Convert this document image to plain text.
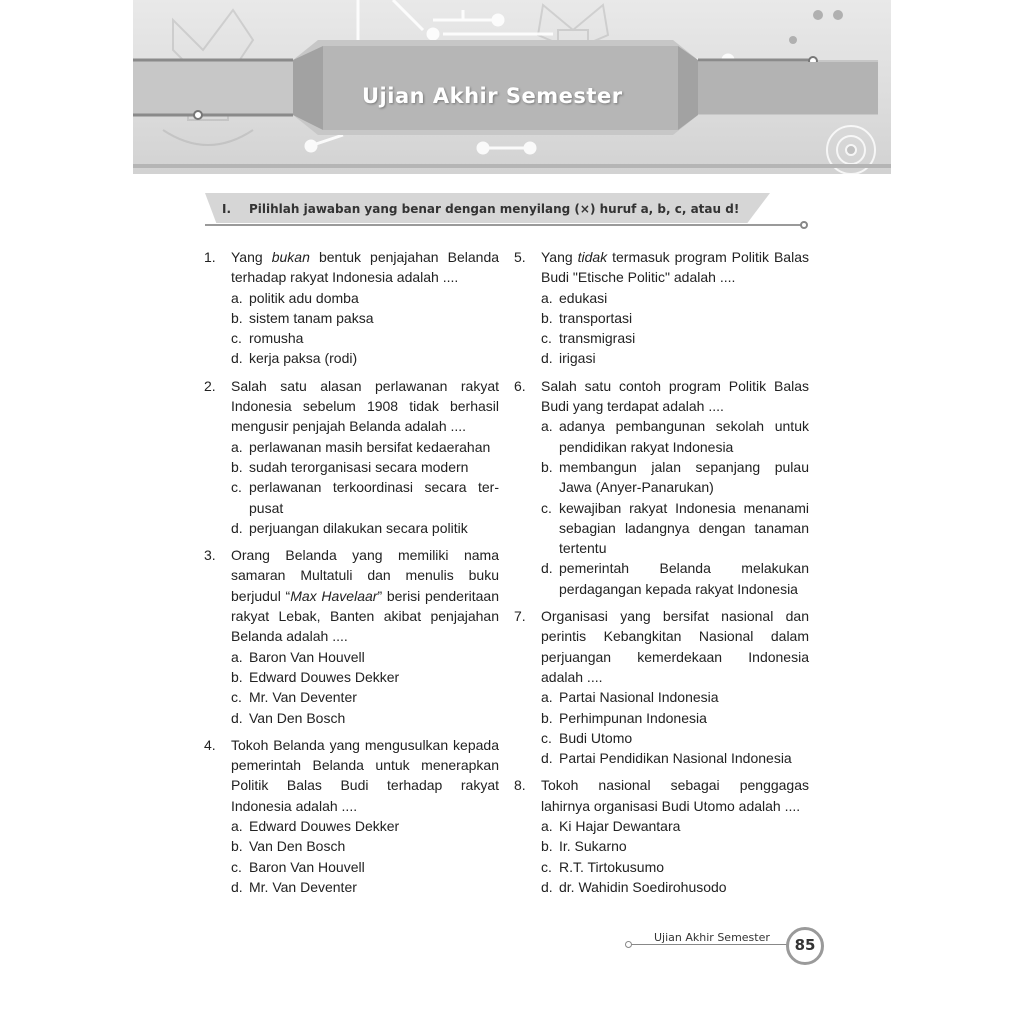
Ujian Akhir Semester
I. Pilihlah jawaban yang benar dengan menyilang (×) huruf a, b, c, atau d!
1. Yang bukan bentuk penjajahan Belanda terhadap rakyat Indonesia adalah ....
a. politik adu domba
b. sistem tanam paksa
c. romusha
d. kerja paksa (rodi)
2. Salah satu alasan perlawanan rakyat Indonesia sebelum 1908 tidak berhasil mengusir penjajah Belanda adalah ....
a. perlawanan masih bersifat kedaerahan
b. sudah terorganisasi secara modern
c. perlawanan terkoordinasi secara ter-pusat
d. perjuangan dilakukan secara politik
3. Orang Belanda yang memiliki nama samaran Multatuli dan menulis buku berjudul “Max Havelaar” berisi penderitaan rakyat Lebak, Banten akibat penjajahan Belanda adalah ....
a. Baron Van Houvell
b. Edward Douwes Dekker
c. Mr. Van Deventer
d. Van Den Bosch
4. Tokoh Belanda yang mengusulkan kepada pemerintah Belanda untuk menerapkan Politik Balas Budi terhadap rakyat Indonesia adalah ....
a. Edward Douwes Dekker
b. Van Den Bosch
c. Baron Van Houvell
d. Mr. Van Deventer
5. Yang tidak termasuk program Politik Balas Budi "Etische Politic" adalah ....
a. edukasi
b. transportasi
c. transmigrasi
d. irigasi
6. Salah satu contoh program Politik Balas Budi yang terdapat adalah ....
a. adanya pembangunan sekolah untuk pendidikan rakyat Indonesia
b. membangun jalan sepanjang pulau Jawa (Anyer-Panarukan)
c. kewajiban rakyat Indonesia menanami sebagian ladangnya dengan tanaman tertentu
d. pemerintah Belanda melakukan perdagangan kepada rakyat Indonesia
7. Organisasi yang bersifat nasional dan perintis Kebangkitan Nasional dalam perjuangan kemerdekaan Indonesia adalah ....
a. Partai Nasional Indonesia
b. Perhimpunan Indonesia
c. Budi Utomo
d. Partai Pendidikan Nasional Indonesia
8. Tokoh nasional sebagai penggagas lahirnya organisasi Budi Utomo adalah ....
a. Ki Hajar Dewantara
b. Ir. Sukarno
c. R.T. Tirtokusumo
d. dr. Wahidin Soedirohusodo
Ujian Akhir Semester	85
